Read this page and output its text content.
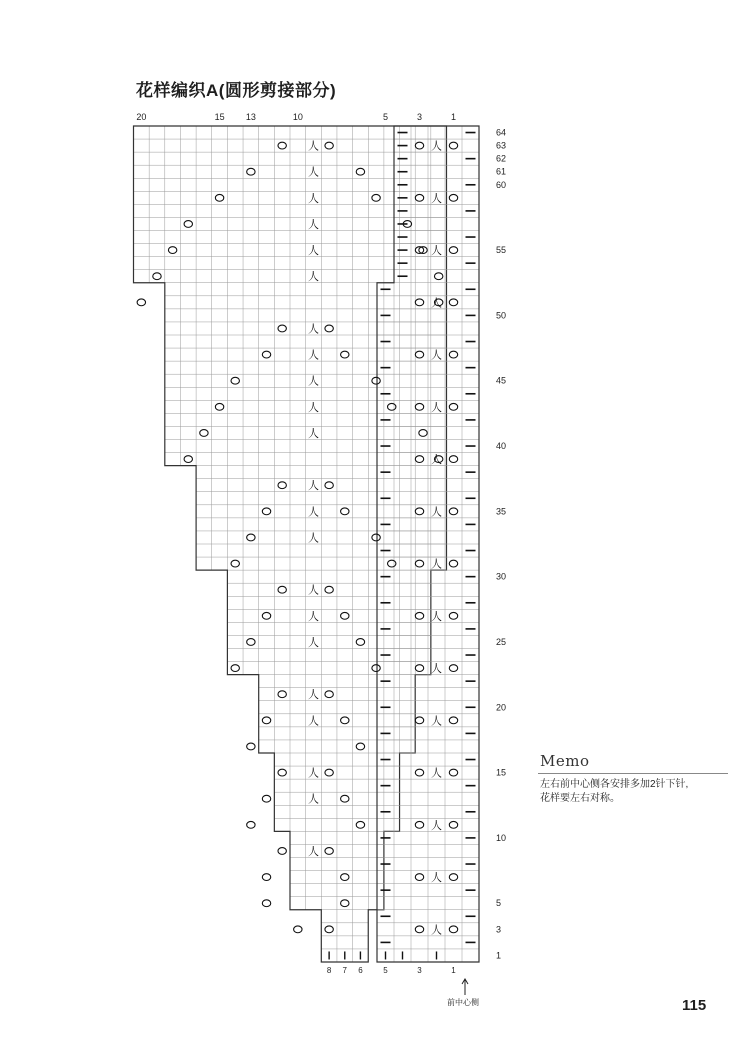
花样编织A(圆形剪接部分)
人
人
人
人
人
人
人
人
人
人
人
人
人
人
人
人
人
人
人
人
人
人
人
人
人
人
人
人
人
人
人
人
人
人
人
人
人
人
20	15 13	10	5	3	1
8 7 6	5	3	1
64
63
62
61
60
55
50
45
40
35
30
25
20
15
10
5
3
1
Memo
左右前中心侧各安排多加2针下针,
花样要左右对称。
前中心侧	115
